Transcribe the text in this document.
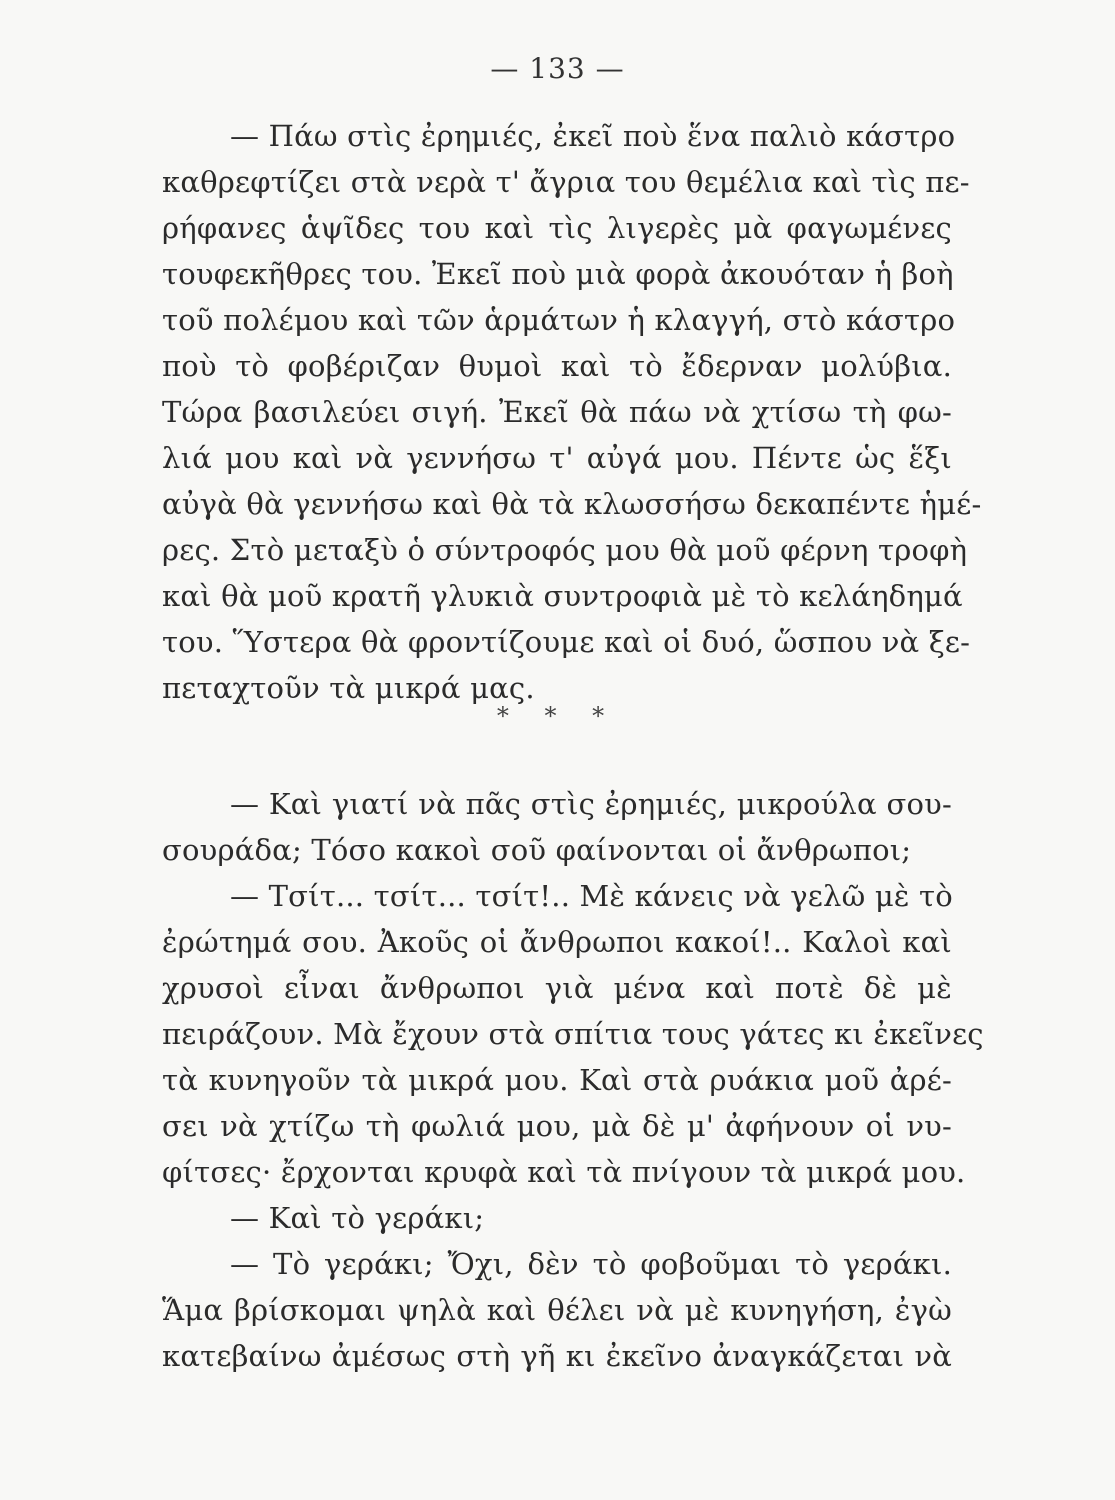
— 133 —
— Πάω στὶς ἐρημιές, ἐκεῖ ποὺ ἕνα παλιὸ κάστρο
καθρεφτίζει στὰ νερὰ τ' ἄγρια του θεμέλια καὶ τὶς πε-
ρήφανες ἁψῖδες του καὶ τὶς λιγερὲς μὰ φαγωμένες
τουφεκῆθρες του. Ἐκεῖ ποὺ μιὰ φορὰ ἀκουόταν ἡ βοὴ
τοῦ πολέμου καὶ τῶν ἁρμάτων ἡ κλαγγή, στὸ κάστρο
ποὺ τὸ φοβέριζαν θυμοὶ καὶ τὸ ἔδερναν μολύβια.
Τώρα βασιλεύει σιγή. Ἐκεῖ θὰ πάω νὰ χτίσω τὴ φω-
λιά μου καὶ νὰ γεννήσω τ' αὐγά μου. Πέντε ὡς ἕξι
αὐγὰ θὰ γεννήσω καὶ θὰ τὰ κλωσσήσω δεκαπέντε ἡμέ-
ρες. Στὸ μεταξὺ ὁ σύντροφός μου θὰ μοῦ φέρνη τροφὴ
καὶ θὰ μοῦ κρατῆ γλυκιὰ συντροφιὰ μὲ τὸ κελάηδημά
του. Ὕστερα θὰ φροντίζουμε καὶ οἱ δυό, ὥσπου νὰ ξε-
πεταχτοῦν τὰ μικρά μας.
* * *
— Καὶ γιατί νὰ πᾶς στὶς ἐρημιές, μικρούλα σου-
σουράδα; Τόσο κακοὶ σοῦ φαίνονται οἱ ἄνθρωποι;
— Τσίτ... τσίτ... τσίτ!.. Μὲ κάνεις νὰ γελῶ μὲ τὸ
ἐρώτημά σου. Ἀκοῦς οἱ ἄνθρωποι κακοί!.. Καλοὶ καὶ
χρυσοὶ εἶναι ἄνθρωποι γιὰ μένα καὶ ποτὲ δὲ μὲ
πειράζουν. Μὰ ἔχουν στὰ σπίτια τους γάτες κι ἐκεῖνες
τὰ κυνηγοῦν τὰ μικρά μου. Καὶ στὰ ρυάκια μοῦ ἀρέ-
σει νὰ χτίζω τὴ φωλιά μου, μὰ δὲ μ' ἀφήνουν οἱ νυ-
φίτσες· ἔρχονται κρυφὰ καὶ τὰ πνίγουν τὰ μικρά μου.
— Καὶ τὸ γεράκι;
— Τὸ γεράκι; Ὄχι, δὲν τὸ φοβοῦμαι τὸ γεράκι.
Ἅμα βρίσκομαι ψηλὰ καὶ θέλει νὰ μὲ κυνηγήση, ἐγὼ
κατεβαίνω ἀμέσως στὴ γῆ κι ἐκεῖνο ἀναγκάζεται νὰ
